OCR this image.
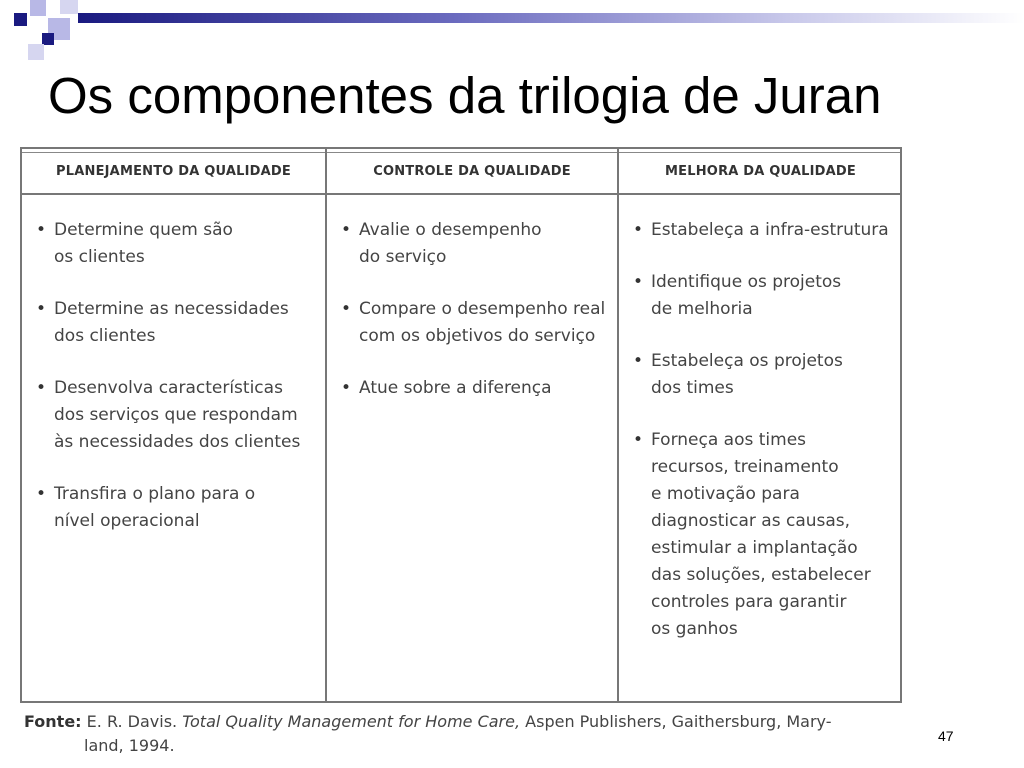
Os componentes da trilogia de Juran
PLANEJAMENTO DA QUALIDADE
• Determine quem são
os clientes
• Determine as necessidades
dos clientes
• Desenvolva características
dos serviços que respondam
às necessidades dos clientes
• Transfira o plano para o
nível operacional
CONTROLE DA QUALIDADE
• Avalie o desempenho
do serviço
• Compare o desempenho real
com os objetivos do serviço
• Atue sobre a diferença
MELHORA DA QUALIDADE
• Estabeleça a infra-estrutura
• Identifique os projetos
de melhoria
• Estabeleça os projetos
dos times
• Forneça aos times
recursos, treinamento
e motivação para
diagnosticar as causas,
estimular a implantação
das soluções, estabelecer
controles para garantir
os ganhos
Fonte: E. R. Davis. Total Quality Management for Home Care, Aspen Publishers, Gaithersburg, Mary-
land, 1994.	47
